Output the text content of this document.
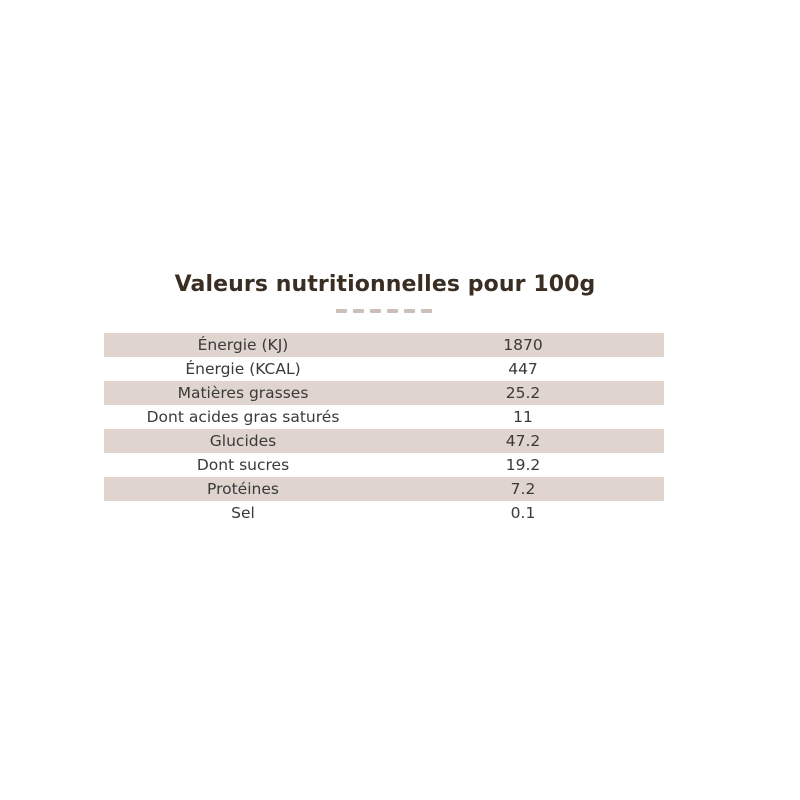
Valeurs nutritionnelles pour 100g
Énergie (KJ)	1870
Énergie (KCAL)	447
Matières grasses	25.2
Dont acides gras saturés	11
Glucides	47.2
Dont sucres	19.2
Protéines	7.2
Sel	0.1
